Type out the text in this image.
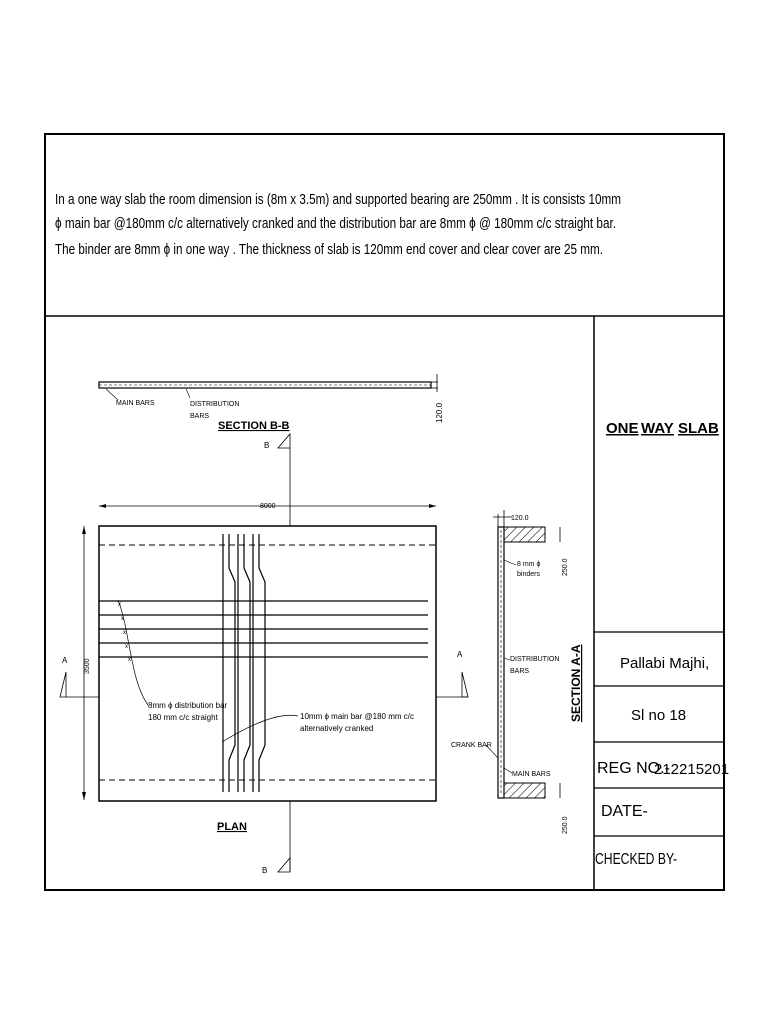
In a one way slab the room dimension is (8m x 3.5m) and supported bearing are 250mm . It is consists 10mm
ϕ main bar @180mm c/c alternatively cranked and the distribution bar are 8mm ϕ @ 180mm c/c straight bar.
The binder are 8mm ϕ in one way . The thickness of slab is 120mm end cover and clear cover are 25 mm.
ONE WAY SLAB
Pallabi Majhi,
Sl no 18
REG NO.-
212215201
DATE-
CHECKED BY-
120.0
MAIN BARS	DISTRIBUTION
BARS
SECTION B-B
B
8000
3500
B
A
A
x
x
x
x
x
8mm ϕ distribution bar
180 mm c/c straight	10mm ϕ main bar @180 mm c/c
alternatively cranked
PLAN
120.0
250.0
250.0
8 mm ϕ
binders
DISTRIBUTION
BARS
CRANK BAR
MAIN BARS
SECTION A-A
